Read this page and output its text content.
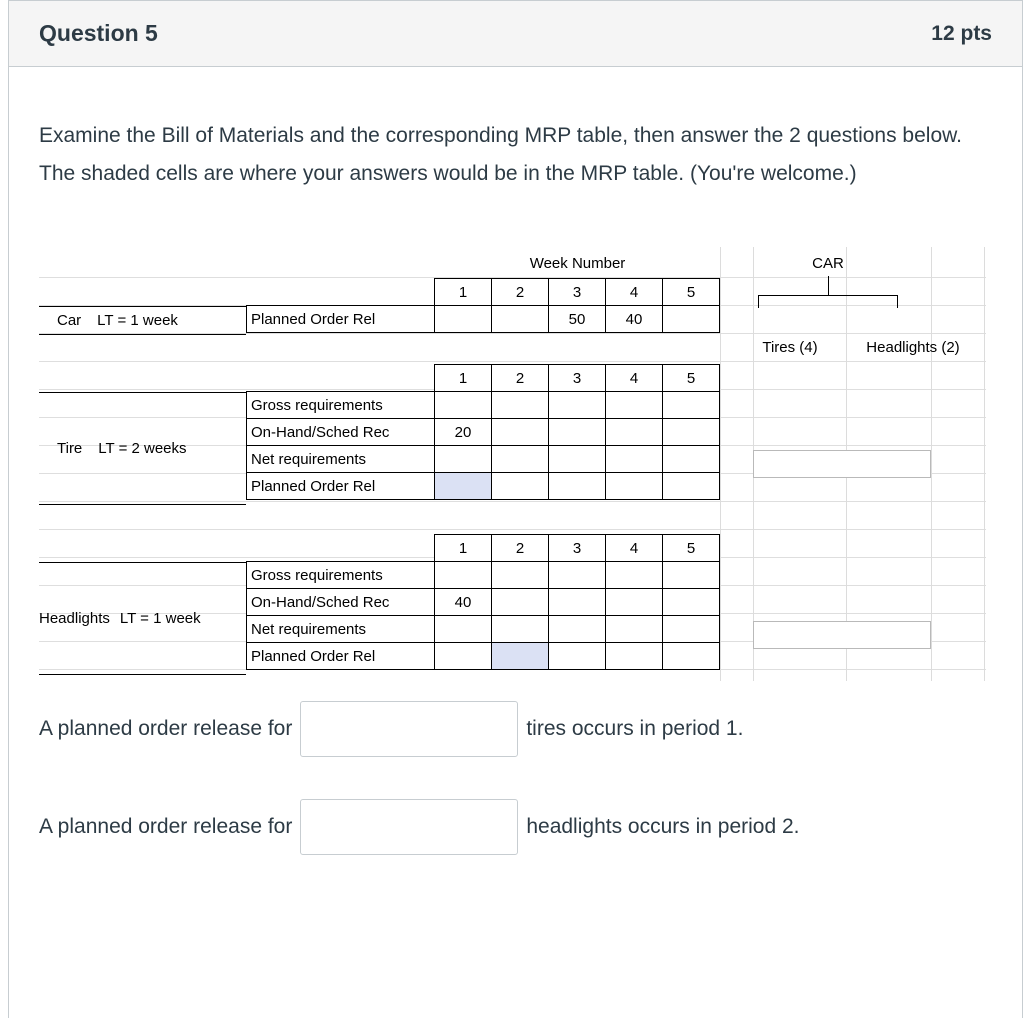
Question 5	12 pts

Examine the Bill of Materials and the corresponding MRP table, then answer the 2 questions below. The shaded cells are where your answers would be in the MRP table. (You're welcome.)

Week Number	CAR
Tires (4)	Headlights (2)
Car LT = 1 week
Tire LT = 2 weeks
Headlights LT = 1 week
	1	2	3	4	5
Planned Order Rel			50	40	
	1	2	3	4	5
Gross requirements					
On-Hand/Sched Rec	20				
Net requirements					
Planned Order Rel					
	1	2	3	4	5
Gross requirements					
On-Hand/Sched Rec	40				
Net requirements					
Planned Order Rel					
A planned order release for	tires occurs in period 1.
A planned order release for	headlights occurs in period 2.
